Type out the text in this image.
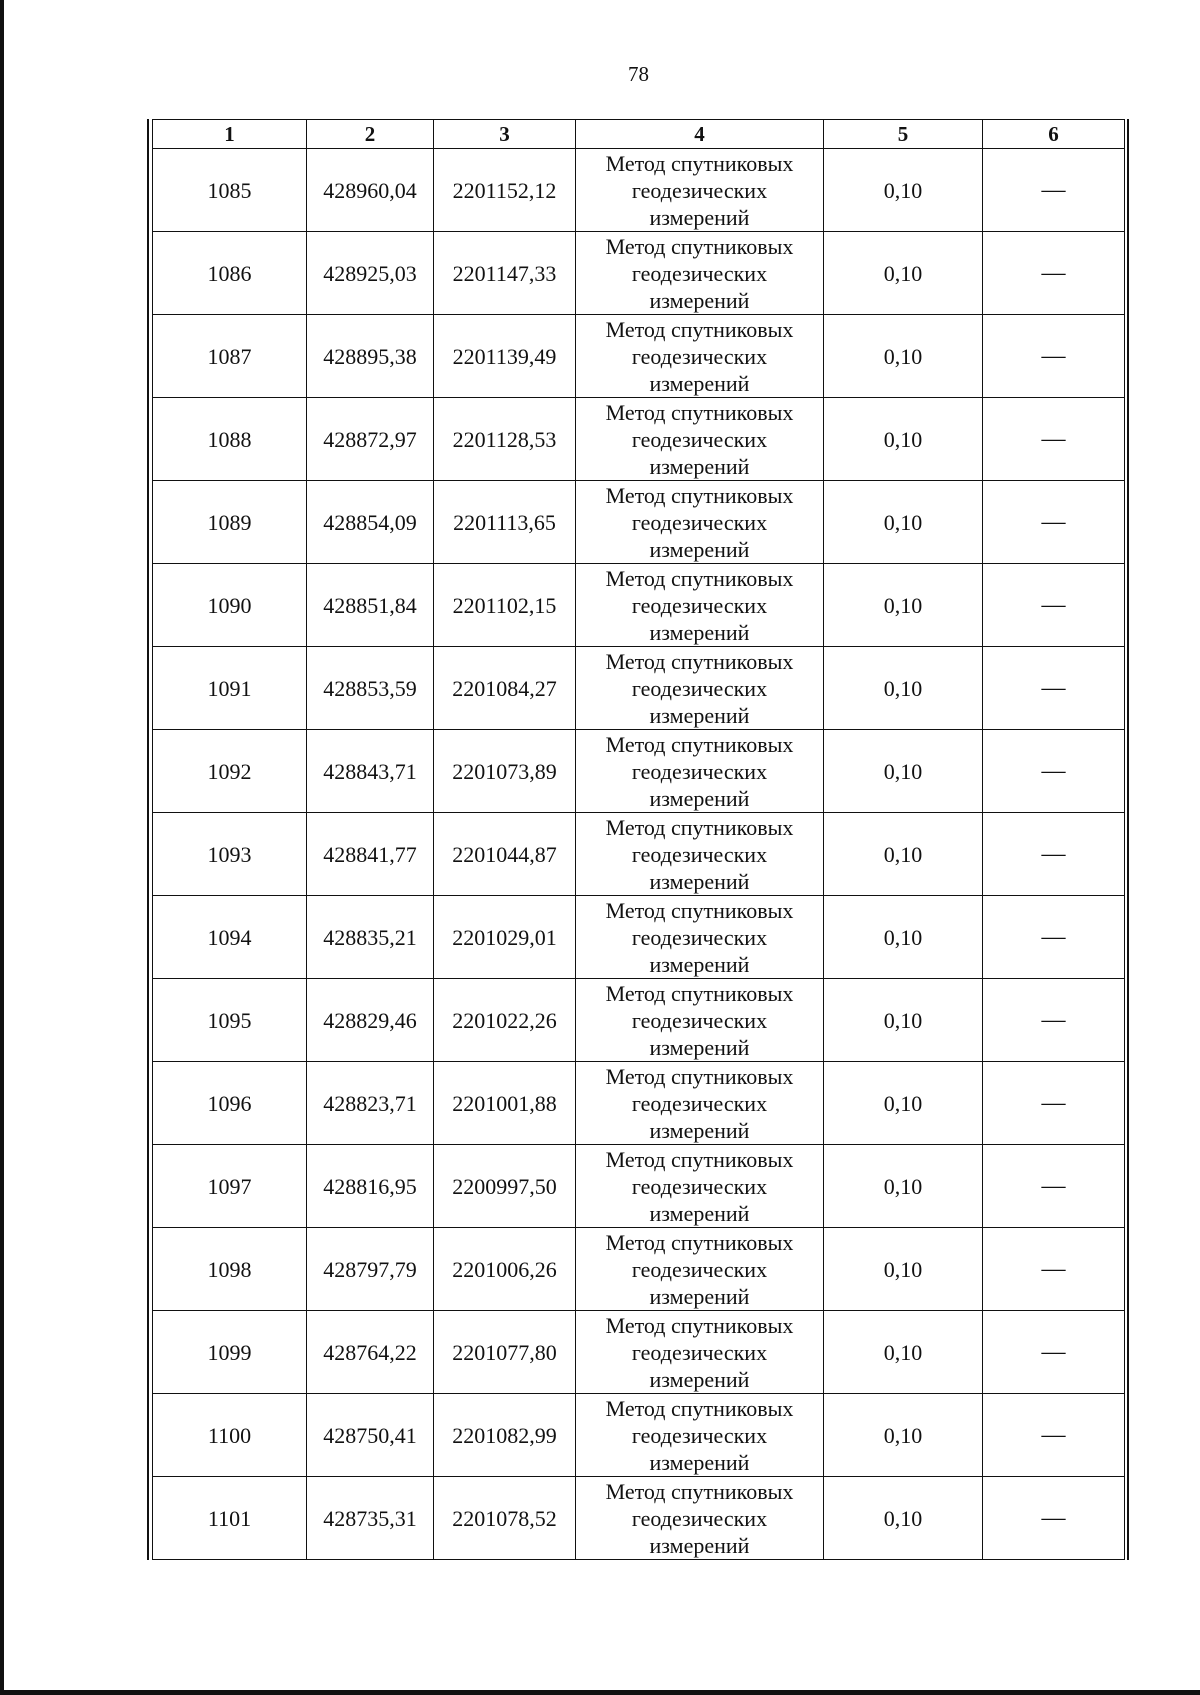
78
1	2	3	4	5	6
1085	428960,04	2201152,12	Метод спутниковых
геодезических
измерений	0,10	—
1086	428925,03	2201147,33	Метод спутниковых
геодезических
измерений	0,10	—
1087	428895,38	2201139,49	Метод спутниковых
геодезических
измерений	0,10	—
1088	428872,97	2201128,53	Метод спутниковых
геодезических
измерений	0,10	—
1089	428854,09	2201113,65	Метод спутниковых
геодезических
измерений	0,10	—
1090	428851,84	2201102,15	Метод спутниковых
геодезических
измерений	0,10	—
1091	428853,59	2201084,27	Метод спутниковых
геодезических
измерений	0,10	—
1092	428843,71	2201073,89	Метод спутниковых
геодезических
измерений	0,10	—
1093	428841,77	2201044,87	Метод спутниковых
геодезических
измерений	0,10	—
1094	428835,21	2201029,01	Метод спутниковых
геодезических
измерений	0,10	—
1095	428829,46	2201022,26	Метод спутниковых
геодезических
измерений	0,10	—
1096	428823,71	2201001,88	Метод спутниковых
геодезических
измерений	0,10	—
1097	428816,95	2200997,50	Метод спутниковых
геодезических
измерений	0,10	—
1098	428797,79	2201006,26	Метод спутниковых
геодезических
измерений	0,10	—
1099	428764,22	2201077,80	Метод спутниковых
геодезических
измерений	0,10	—
1100	428750,41	2201082,99	Метод спутниковых
геодезических
измерений	0,10	—
1101	428735,31	2201078,52	Метод спутниковых
геодезических
измерений	0,10	—
